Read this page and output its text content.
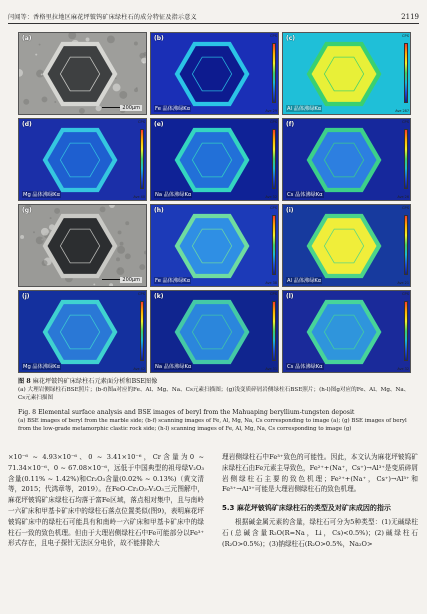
闫闻等：香格里拉地区麻花坪铍钨矿床绿柱石的成分特征及指示意义	2119
(a)
200μm
(b)
Fe 晶体沸绿Kα
CPS
Ave 29
(c)
Al 晶体沸绿Kα
CPS
Ave 287
(d)
Mg 晶体沸绿Kα
CPS
Ave 40
(e)
Na 晶体沸绿Kα
CPS
Ave 32
(f)
Cs 晶体沸绿Kα
CPS
Ave 26
(g)
200μm
(h)
Fe 晶体沸绿Kα
CPS
Ave 38
(i)
Al 晶体沸绿Kα
CPS
Ave 21
(j)
Mg 晶体沸绿Kα
CPS
Ave 42
(k)
Na 晶体沸绿Kα
CPS
Ave 31
(l)
Cs 晶体沸绿Kα
CPS
Ave 32
图 8 麻花坪铍钨矿床绿柱石元素面分析和BSE图像
(a) 大理岩侧绿柱石BSE照片；(b-f)图a对应的Fe、Al、Mg、Na、Cs元素扫描图；(g)浅变质碎屑岩侧绿柱石BSE照片；(h-l)图g对应的Fe、Al、Mg、Na、Cs元素扫描图
Fig. 8 Elemental surface analysis and BSE images of beryl from the Mahuaping beryllium-tungsten deposit
(a) BSE images of beryl from the marble side; (b-f) scanning images of Fe, Al, Mg, Na, Cs corresponding to image (a); (g) BSE images of beryl from the low-grade metamorphic clastic rock side; (h-l) scanning images of Fe, Al, Mg, Na, Cs corresponding to image (g)

×10⁻⁶ ~ 4.93×10⁻⁶、0 ~ 3.41×10⁻⁶，Cr含量为0 ~ 71.34×10⁻⁶、0 ~ 67.08×10⁻⁶，远低于中国典型的祖母绿V₂O₃含量(0.11% ~ 1.42%)和Cr₂O₃含量(0.02% ~ 0.13%)（黄文清等，2015；代鸿章等，2019）。在FeO-Cr₂O₃-V₂O₃三元图解中，麻花坪铍钨矿床绿柱石均落于富Fe区域，落点相对集中，且与南岭一六矿床和甲基卡矿床中的绿柱石落点位置类似(图9)，表明麻花坪铍钨矿床中的绿柱石可能具有和南岭一六矿床和甲基卡矿床中的绿柱石一致的致色机理。但由于大理岩侧绿柱石中Fe可能部分以Fe³⁺形式存在，且电子探针无法区分电价，故不能排除大

理岩侧绿柱石中Fe³⁺致色的可能性。因此，本文认为麻花坪铍钨矿床绿柱石由Fe元素主导致色，Fe²⁺+(Na⁺，Cs⁺)→Al³⁺是变质碎屑岩侧绿柱石主要的致色机理；Fe²⁺+(Na⁺，Cs⁺)→Al³⁺和Fe³⁺→Al³⁺可能是大理岩侧绿柱石的致色机理。

5.3 麻花坪铍钨矿床绿柱石的类型及对矿床成因的指示

根据碱金属元素的含量，绿柱石可分为5种类型：(1)无碱绿柱石(总碱含量R₂O(R=Na，Li，Cs)<0.5%)；(2)碱绿柱石(R₂O>0.5%)；(3)钠绿柱石(R₂O>0.5%，Na₂O>
